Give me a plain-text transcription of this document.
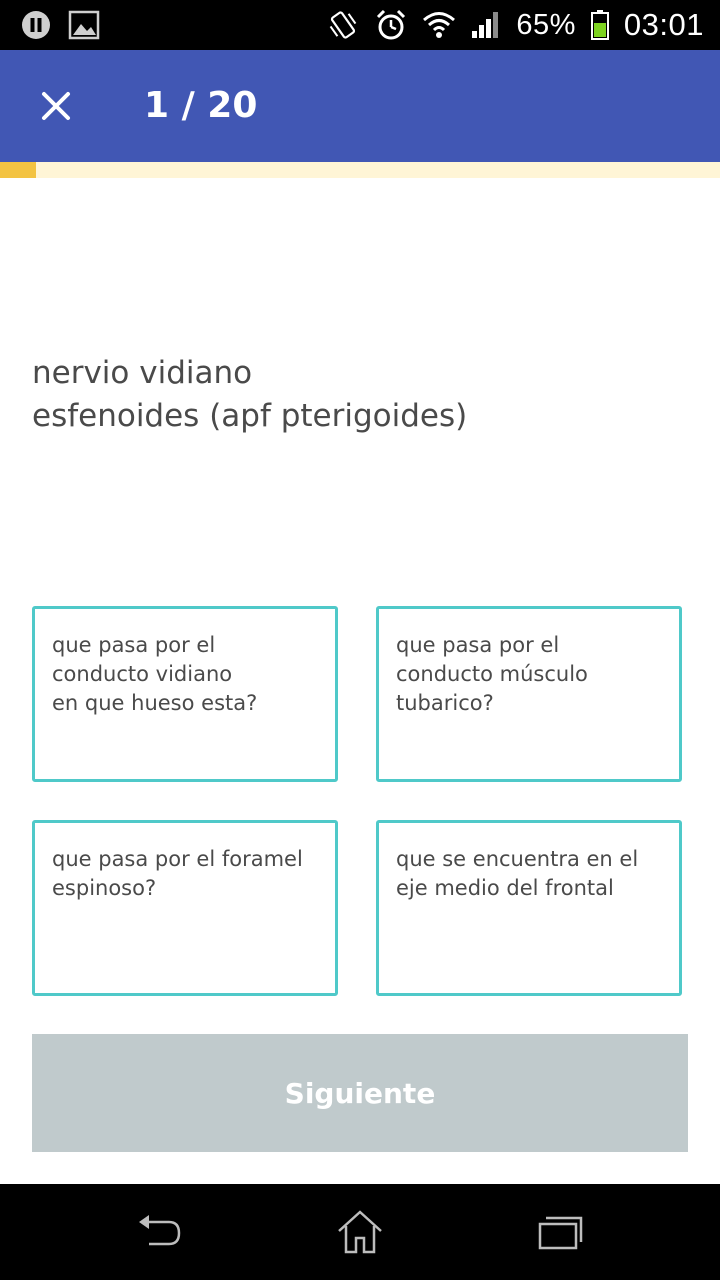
65% 03:01
1 / 20
nervio vidiano
esfenoides (apf pterigoides)
que pasa por el
conducto vidiano
en que hueso esta?
que pasa por el
conducto músculo
tubarico?
que pasa por el foramel
espinoso?
que se encuentra en el
eje medio del frontal
Siguiente
